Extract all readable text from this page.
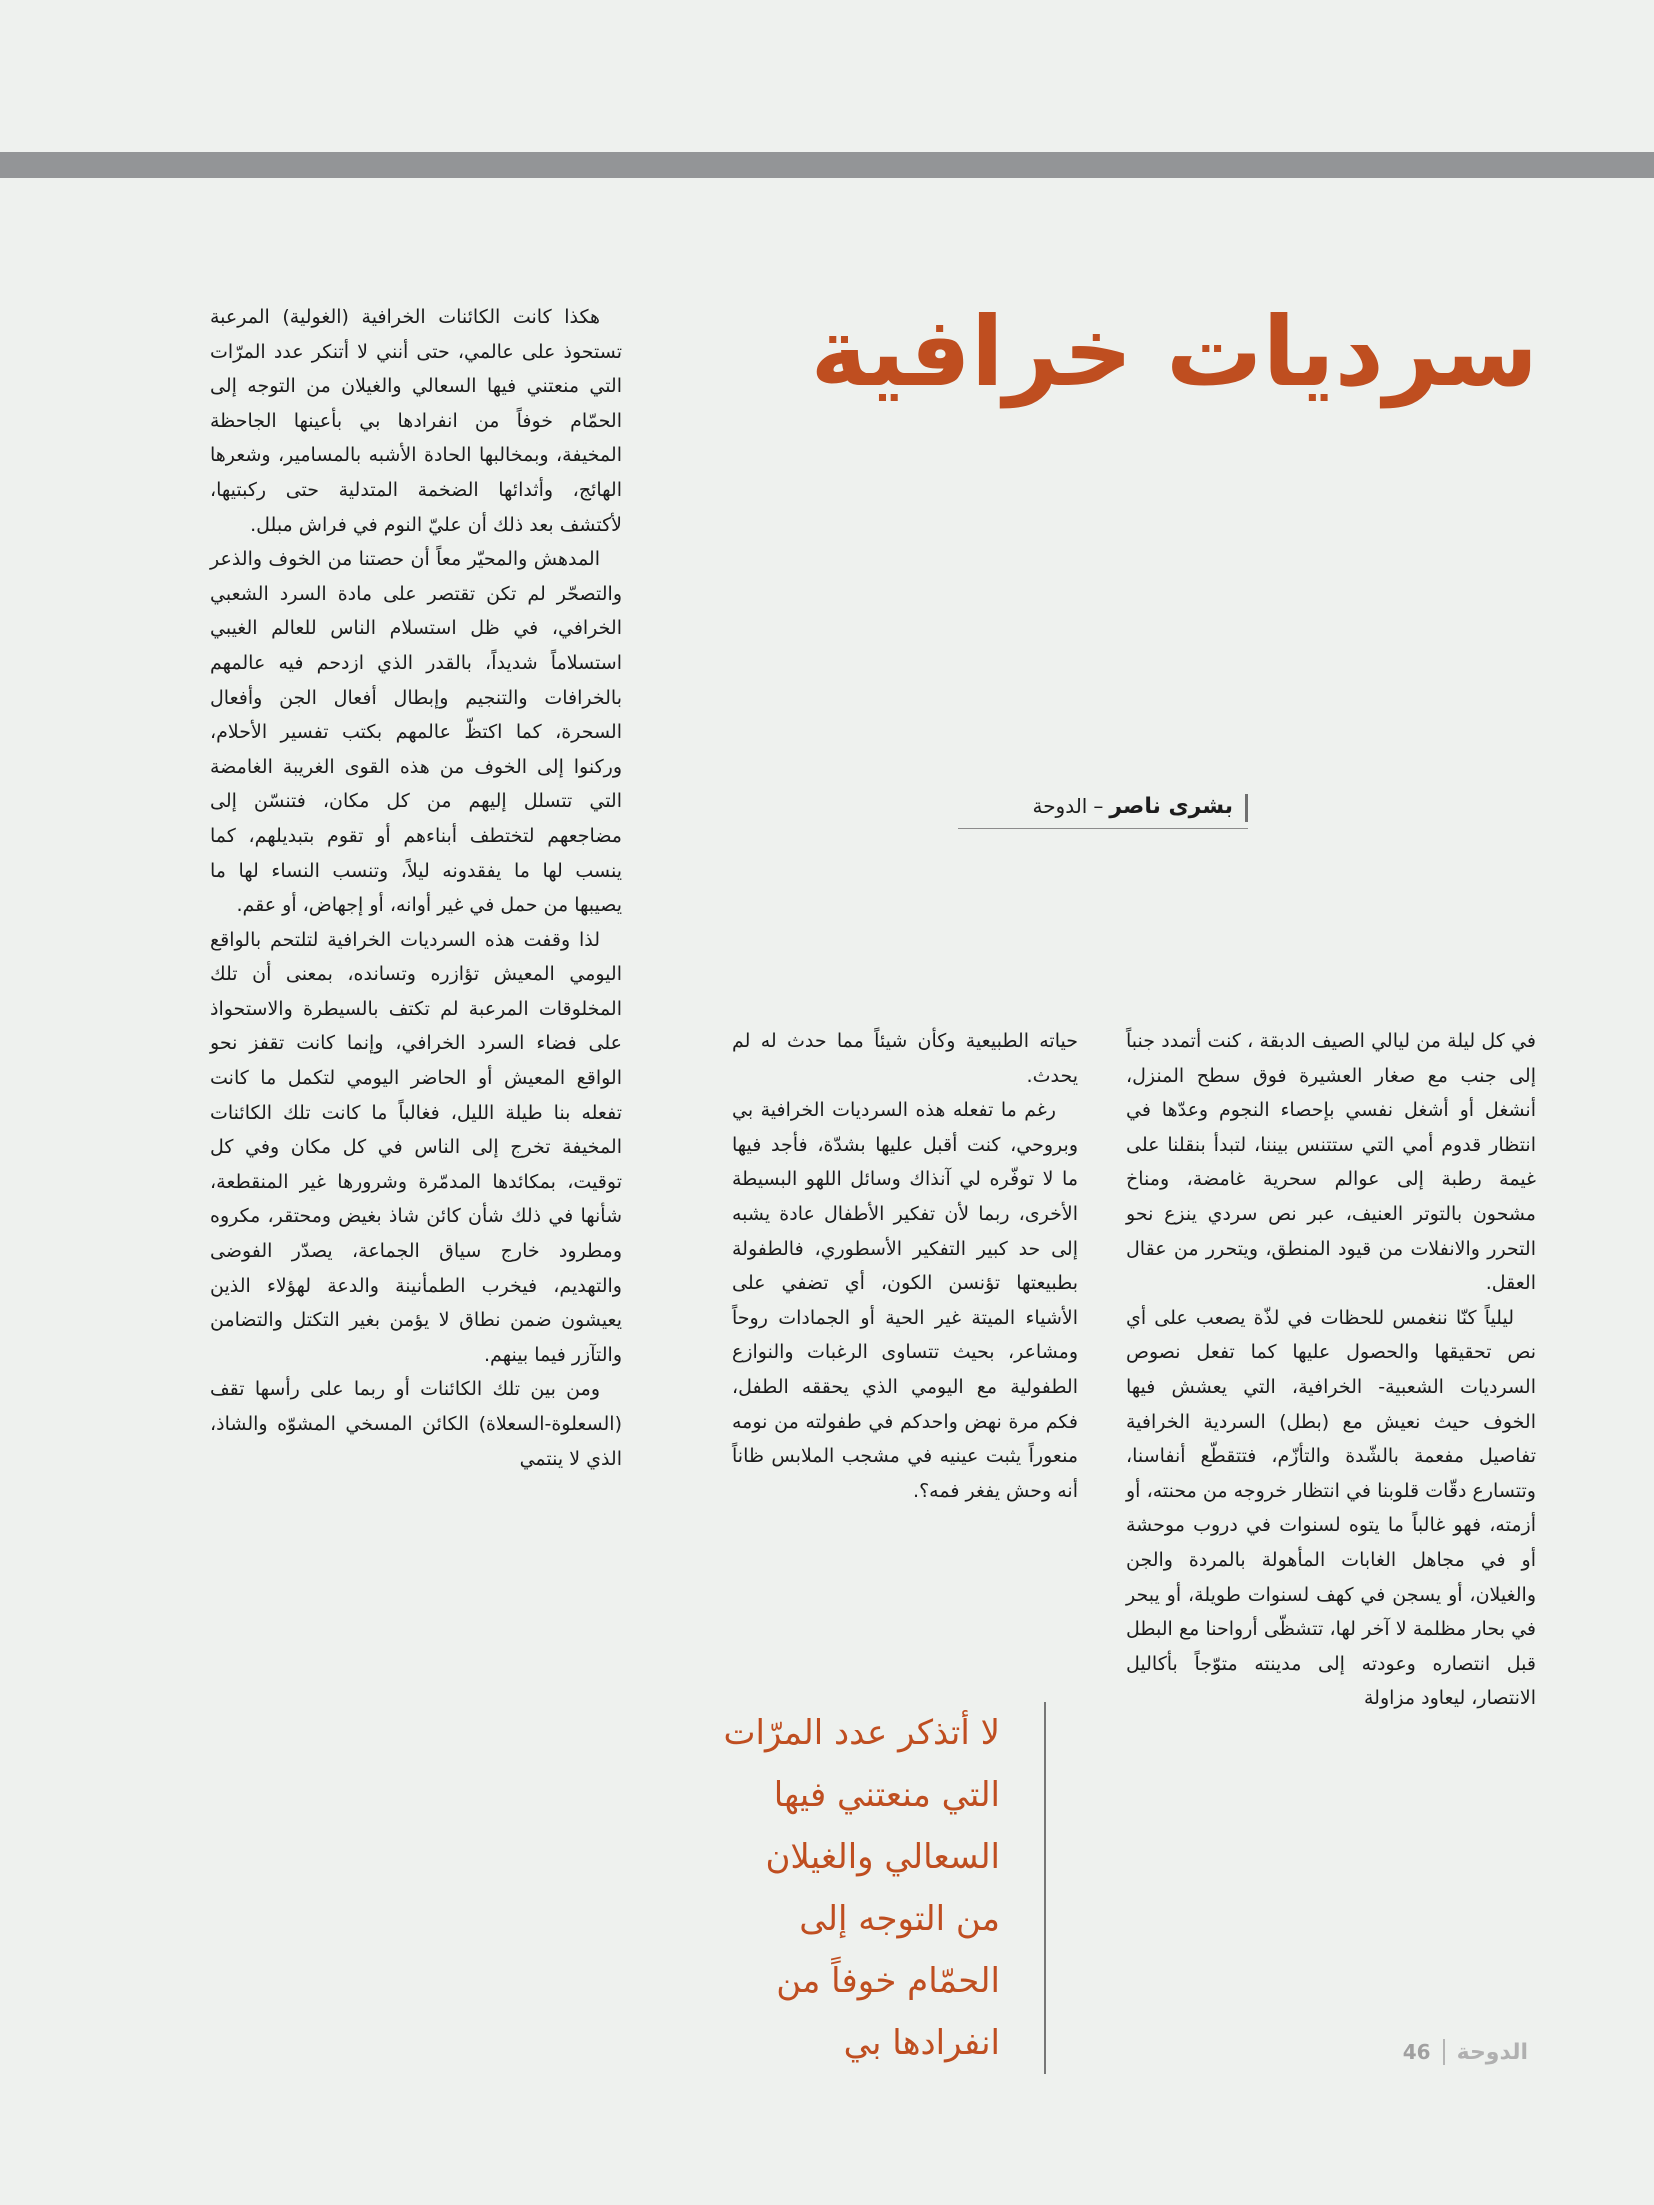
سرديات خرافية
بشرى ناصر–الدوحة

في كل ليلة من ليالي الصيف الدبقة ، كنت أتمدد جنباً إلى جنب مع صغار العشيرة فوق سطح المنزل، أنشغل أو أشغل نفسي بإحصاء النجوم وعدّها في انتظار قدوم أمي التي ستتنس بيننا، لتبدأ بنقلنا على غيمة رطبة إلى عوالم سحرية غامضة، ومناخ مشحون بالتوتر العنيف، عبر نص سردي ينزع نحو التحرر والانفلات من قيود المنطق، ويتحرر من عقال العقل.

ليلياً كنّا ننغمس للحظات في لذّة يصعب على أي نص تحقيقها والحصول عليها كما تفعل نصوص السرديات الشعبية- الخرافية، التي يعشش فيها الخوف حيث نعيش مع (بطل) السردية الخرافية تفاصيل مفعمة بالشّدة والتأزّم، فتتقطّع أنفاسنا، وتتسارع دقّات قلوبنا في انتظار خروجه من محنته، أو أزمته، فهو غالباً ما يتوه لسنوات في دروب موحشة أو في مجاهل الغابات المأهولة بالمردة والجن والغيلان، أو يسجن في كهف لسنوات طويلة، أو يبحر في بحار مظلمة لا آخر لها، تتشظّى أرواحنا مع البطل قبل انتصاره وعودته إلى مدينته متوّجاً بأكاليل الانتصار، ليعاود مزاولة

حياته الطبيعية وكأن شيئاً مما حدث له لم يحدث.

رغم ما تفعله هذه السرديات الخرافية بي وبروحي، كنت أقبل عليها بشدّة، فأجد فيها ما لا توفّره لي آنذاك وسائل اللهو البسيطة الأخرى، ربما لأن تفكير الأطفال عادة يشبه إلى حد كبير التفكير الأسطوري، فالطفولة بطبيعتها تؤنسن الكون، أي تضفي على الأشياء الميتة غير الحية أو الجمادات روحاً ومشاعر، بحيث تتساوى الرغبات والنوازع الطفولية مع اليومي الذي يحققه الطفل، فكم مرة نهض واحدكم في طفولته من نومه منعوراً يثبت عينيه في مشجب الملابس ظاناً أنه وحش يفغر فمه؟.

هكذا كانت الكائنات الخرافية (الغولية) المرعبة تستحوذ على عالمي، حتى أنني لا أتنكر عدد المرّات التي منعتني فيها السعالي والغيلان من التوجه إلى الحمّام خوفاً من انفرادها بي بأعينها الجاحظة المخيفة، وبمخالبها الحادة الأشبه بالمسامير، وشعرها الهائج، وأثدائها الضخمة المتدلية حتى ركبتيها، لأكتشف بعد ذلك أن عليّ النوم في فراش مبلل.

المدهش والمحيّر معاً أن حصتنا من الخوف والذعر والتصحّر لم تكن تقتصر على مادة السرد الشعبي الخرافي، في ظل استسلام الناس للعالم الغيبي استسلاماً شديداً، بالقدر الذي ازدحم فيه عالمهم بالخرافات والتنجيم وإبطال أفعال الجن وأفعال السحرة، كما اكتظّ عالمهم بكتب تفسير الأحلام، وركنوا إلى الخوف من هذه القوى الغريبة الغامضة التي تتسلل إليهم من كل مكان، فتنسّن إلى مضاجعهم لتختطف أبناءهم أو تقوم بتبديلهم، كما ينسب لها ما يفقدونه ليلاً، وتنسب النساء لها ما يصيبها من حمل في غير أوانه، أو إجهاض، أو عقم.

لذا وقفت هذه السرديات الخرافية لتلتحم بالواقع اليومي المعيش تؤازره وتسانده، بمعنى أن تلك المخلوقات المرعبة لم تكتف بالسيطرة والاستحواذ على فضاء السرد الخرافي، وإنما كانت تقفز نحو الواقع المعيش أو الحاضر اليومي لتكمل ما كانت تفعله بنا طيلة الليل، فغالباً ما كانت تلك الكائنات المخيفة تخرج إلى الناس في كل مكان وفي كل توقيت، بمكائدها المدمّرة وشرورها غير المنقطعة، شأنها في ذلك شأن كائن شاذ بغيض ومحتقر، مكروه ومطرود خارج سياق الجماعة، يصدّر الفوضى والتهديم، فيخرب الطمأنينة والدعة لهؤلاء الذين يعيشون ضمن نطاق لا يؤمن بغير التكتل والتضامن والتآزر فيما بينهم.

ومن بين تلك الكائنات أو ربما على رأسها تقف (السعلوة-السعلاة) الكائن المسخي المشوّه والشاذ، الذي لا ينتمي

لا أتذكر عدد المرّات

التي منعتني فيها

السعالي والغيلان

من التوجه إلى

الحمّام خوفاً من

انفرادها بي	الدوحة
46
